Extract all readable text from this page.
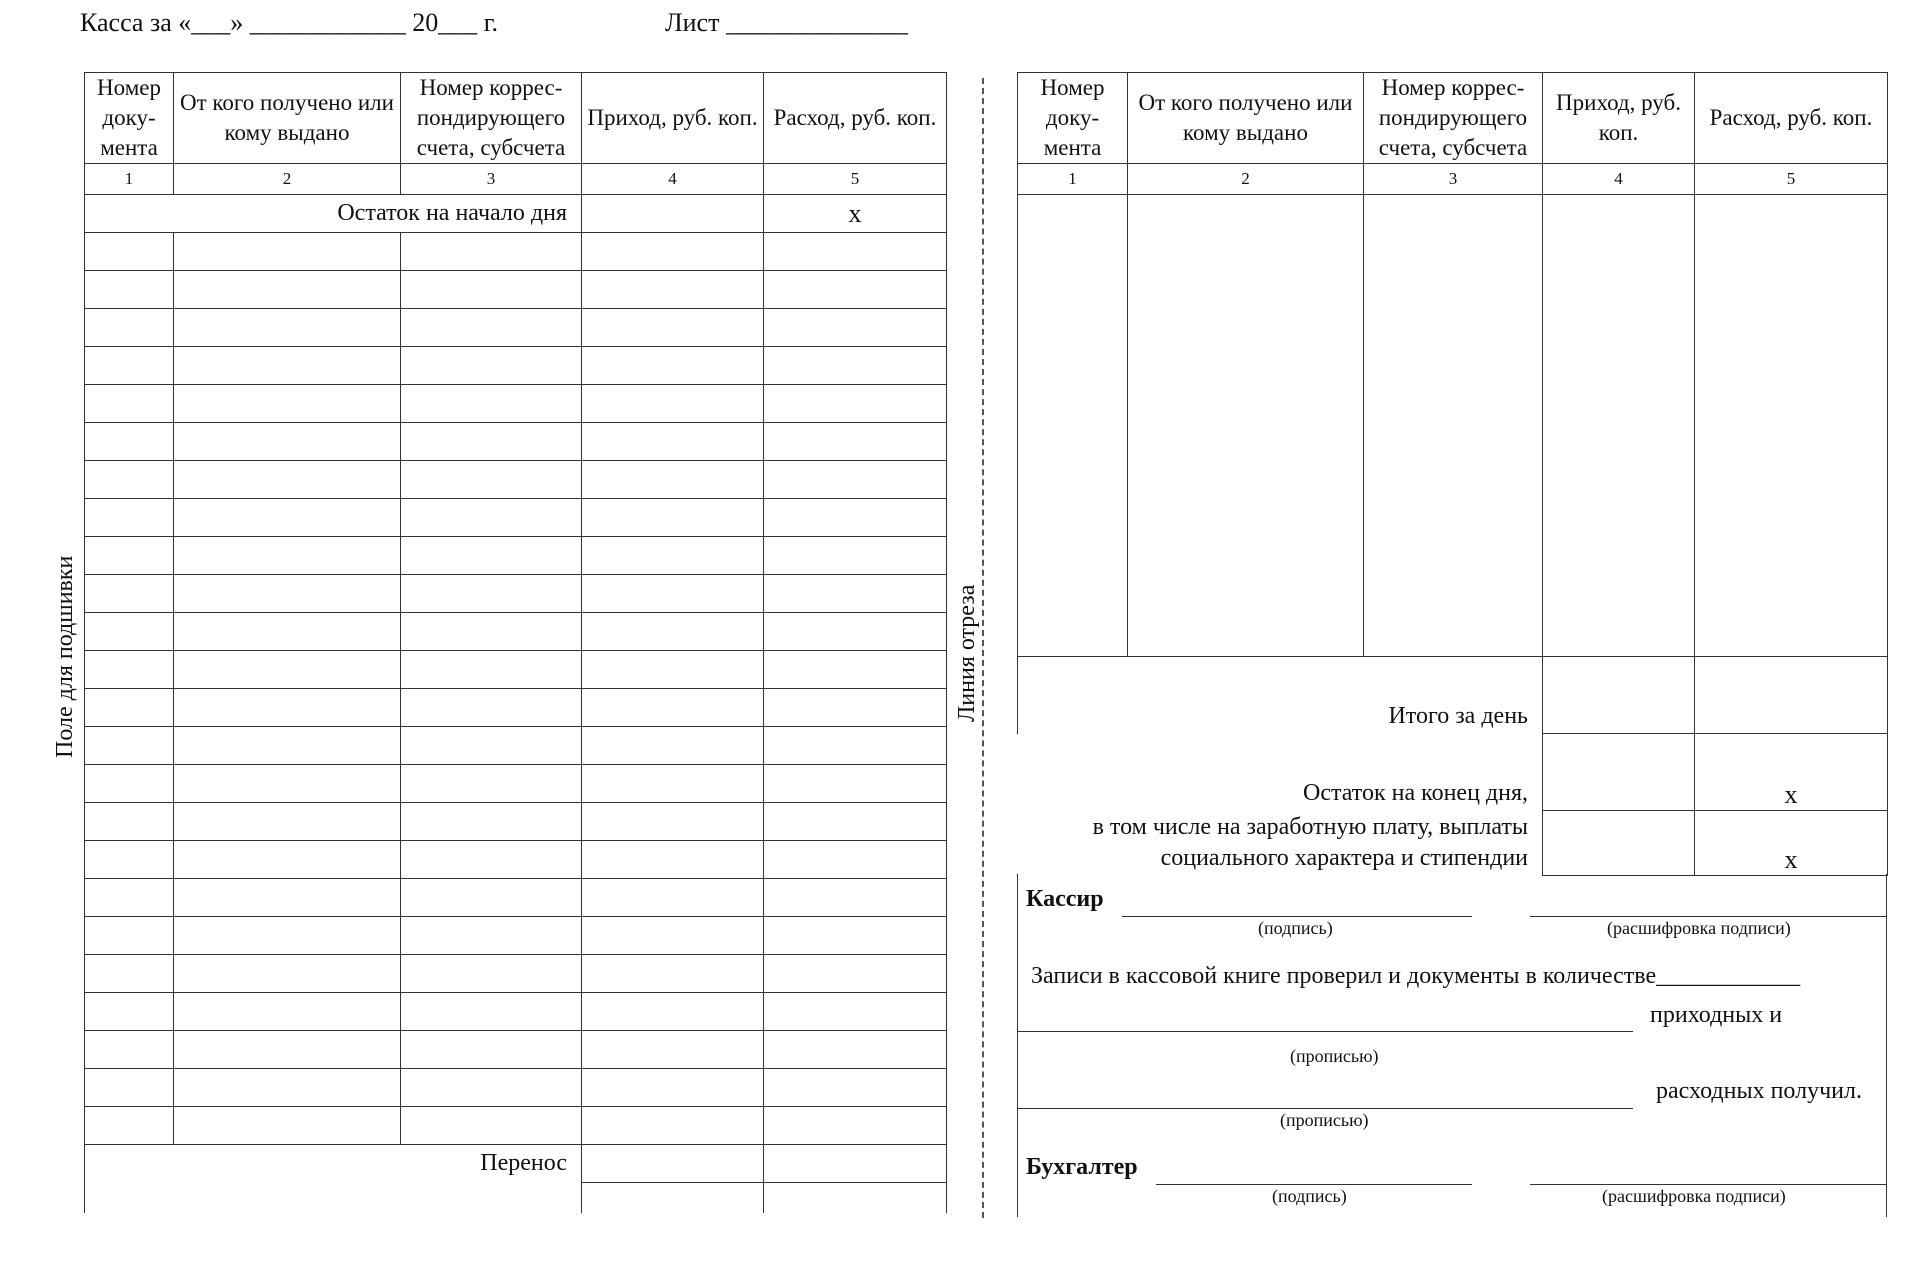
Касса за «___» ____________ 20___ г.	Лист ______________
Поле для подшивки
Номер доку- мента	От кого получено или кому выдано	Номер коррес- пондирующего счета, субсчета	Приход, руб. коп.	Расход, руб. коп.
1	2	3	4	5
Остаток на начало дня				х

Перенос				

Линия отреза
Номер доку- мента	От кого получено или кому выдано	Номер коррес- пондирующего счета, субсчета	Приход, руб. коп.	Расход, руб. коп.
1	2	3	4	5

Итого за день				
Остаток на конец дня,				х

в том числе на заработную плату, выплаты
социального характера и стипендии				х
Кассир
(подпись)	(расшифровка подписи)
Записи в кассовой книге проверил и документы в количестве____________
приходных и
(прописью)
расходных получил.
(прописью)
Бухгалтер
(подпись)	(расшифровка подписи)
